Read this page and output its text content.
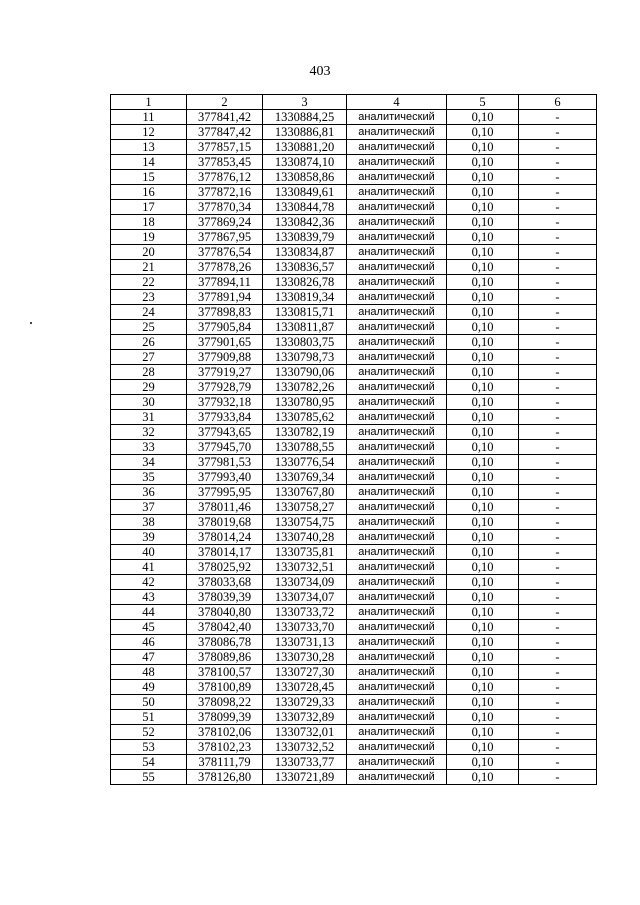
403
1	2	3	4	5	6
11	377841,42	1330884,25	аналитический	0,10	-
12	377847,42	1330886,81	аналитический	0,10	-
13	377857,15	1330881,20	аналитический	0,10	-
14	377853,45	1330874,10	аналитический	0,10	-
15	377876,12	1330858,86	аналитический	0,10	-
16	377872,16	1330849,61	аналитический	0,10	-
17	377870,34	1330844,78	аналитический	0,10	-
18	377869,24	1330842,36	аналитический	0,10	-
19	377867,95	1330839,79	аналитический	0,10	-
20	377876,54	1330834,87	аналитический	0,10	-
21	377878,26	1330836,57	аналитический	0,10	-
22	377894,11	1330826,78	аналитический	0,10	-
23	377891,94	1330819,34	аналитический	0,10	-
24	377898,83	1330815,71	аналитический	0,10	-
25	377905,84	1330811,87	аналитический	0,10	-
26	377901,65	1330803,75	аналитический	0,10	-
27	377909,88	1330798,73	аналитический	0,10	-
28	377919,27	1330790,06	аналитический	0,10	-
29	377928,79	1330782,26	аналитический	0,10	-
30	377932,18	1330780,95	аналитический	0,10	-
31	377933,84	1330785,62	аналитический	0,10	-
32	377943,65	1330782,19	аналитический	0,10	-
33	377945,70	1330788,55	аналитический	0,10	-
34	377981,53	1330776,54	аналитический	0,10	-
35	377993,40	1330769,34	аналитический	0,10	-
36	377995,95	1330767,80	аналитический	0,10	-
37	378011,46	1330758,27	аналитический	0,10	-
38	378019,68	1330754,75	аналитический	0,10	-
39	378014,24	1330740,28	аналитический	0,10	-
40	378014,17	1330735,81	аналитический	0,10	-
41	378025,92	1330732,51	аналитический	0,10	-
42	378033,68	1330734,09	аналитический	0,10	-
43	378039,39	1330734,07	аналитический	0,10	-
44	378040,80	1330733,72	аналитический	0,10	-
45	378042,40	1330733,70	аналитический	0,10	-
46	378086,78	1330731,13	аналитический	0,10	-
47	378089,86	1330730,28	аналитический	0,10	-
48	378100,57	1330727,30	аналитический	0,10	-
49	378100,89	1330728,45	аналитический	0,10	-
50	378098,22	1330729,33	аналитический	0,10	-
51	378099,39	1330732,89	аналитический	0,10	-
52	378102,06	1330732,01	аналитический	0,10	-
53	378102,23	1330732,52	аналитический	0,10	-
54	378111,79	1330733,77	аналитический	0,10	-
55	378126,80	1330721,89	аналитический	0,10	-
